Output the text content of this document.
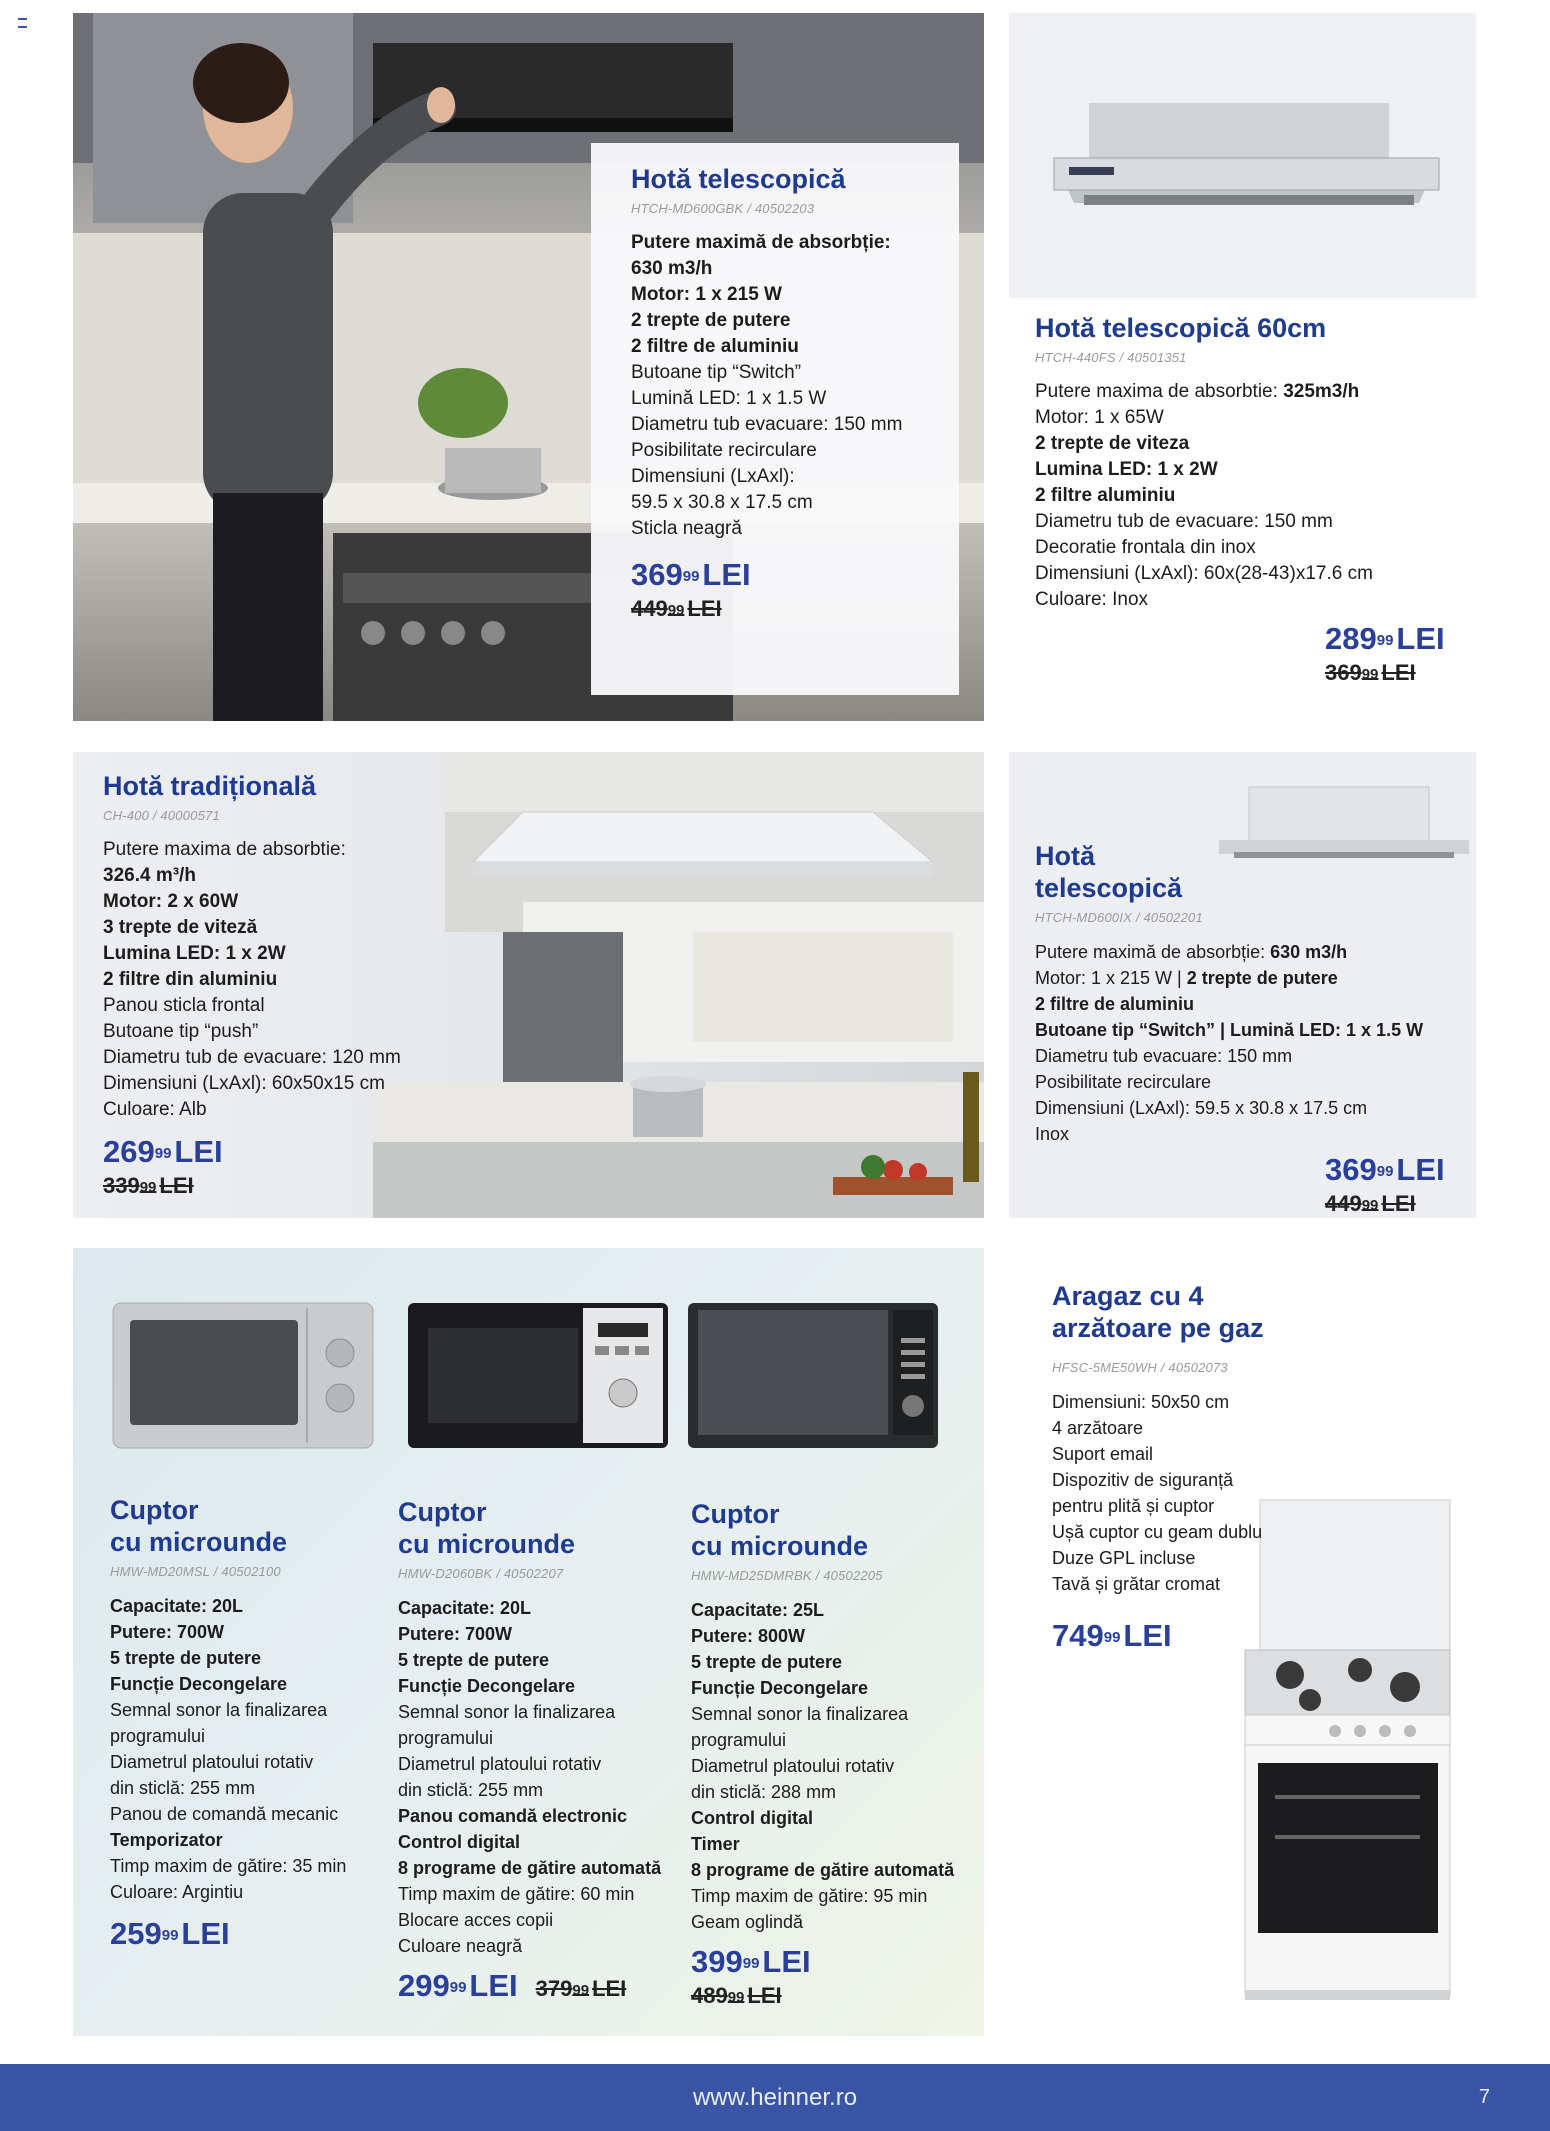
Hotă telescopică
HTCH-MD600GBK / 40502203
Putere maximă de absorbție:
630 m3/h
Motor: 1 x 215 W
2 trepte de putere
2 filtre de aluminiu
Butoane tip “Switch”
Lumină LED: 1 x 1.5 W
Diametru tub evacuare: 150 mm
Posibilitate recirculare
Dimensiuni (LxAxl):
59.5 x 30.8 x 17.5 cm
Sticla neagră
$369^{99}LEI$
$449^{99}$ LEI
Hotă telescopică 60cm
HTCH-440FS / 40501351
Putere maxima de absorbtie: 325m3/h
Motor: 1 x 65W
2 trepte de viteza
Lumina LED: 1 x 2W
2 filtre aluminiu
Diametru tub de evacuare: 150 mm
Decoratie frontala din inox
Dimensiuni (LxAxl): 60x(28-43)x17.6 cm
Culoare: Inox
$289^{99}LEI$
$369^{99}$ LEI
Hotă tradițională
CH-400 / 40000571
Putere maxima de absorbtie:
326.4 m³/h
Motor: 2 x 60W
3 trepte de viteză
Lumina LED: 1 x 2W
2 filtre din aluminiu
Panou sticla frontal
Butoane tip “push”
Diametru tub de evacuare: 120 mm
Dimensiuni (LxAxl): 60x50x15 cm
Culoare: Alb
$269^{99}LEI$
$339^{99}$ LEI
Hotă
telescopică
HTCH-MD600IX / 40502201
Putere maximă de absorbție: 630 m3/h
Motor: 1 x 215 W | 2 trepte de putere
2 filtre de aluminiu
Butoane tip “Switch” | Lumină LED: 1 x 1.5 W
Diametru tub evacuare: 150 mm
Posibilitate recirculare
Dimensiuni (LxAxl): 59.5 x 30.8 x 17.5 cm
Inox
$369^{99}LEI$
$449^{99}$ LEI
Cuptor
cu microunde
HMW-MD20MSL / 40502100
Capacitate: 20L
Putere: 700W
5 trepte de putere
Funcție Decongelare
Semnal sonor la finalizarea
programului
Diametrul platoului rotativ
din sticlă: 255 mm
Panou de comandă mecanic
Temporizator
Timp maxim de gătire: 35 min
Culoare: Argintiu
$259^{99}LEI$
Cuptor
cu microunde
HMW-D2060BK / 40502207
Capacitate: 20L
Putere: 700W
5 trepte de putere
Funcție Decongelare
Semnal sonor la finalizarea
programului
Diametrul platoului rotativ
din sticlă: 255 mm
Panou comandă electronic
Control digital
8 programe de gătire automată
Timp maxim de gătire: 60 min
Blocare acces copii
Culoare neagră
$299^{99}LEI$ $379^{99}$ LEI
Cuptor
cu microunde
HMW-MD25DMRBK / 40502205
Capacitate: 25L
Putere: 800W
5 trepte de putere
Funcție Decongelare
Semnal sonor la finalizarea
programului
Diametrul platoului rotativ
din sticlă: 288 mm
Control digital
Timer
8 programe de gătire automată
Timp maxim de gătire: 95 min
Geam oglindă
$399^{99}LEI$
$489^{99}$ LEI
Aragaz cu 4
arzătoare pe gaz
HFSC-5ME50WH / 40502073
Dimensiuni: 50x50 cm
4 arzătoare
Suport email
Dispozitiv de siguranță
pentru plită și cuptor
Ușă cuptor cu geam dublu
Duze GPL incluse
Tavă și grătar cromat
$749^{99}LEI$
www.heinner.ro	7
